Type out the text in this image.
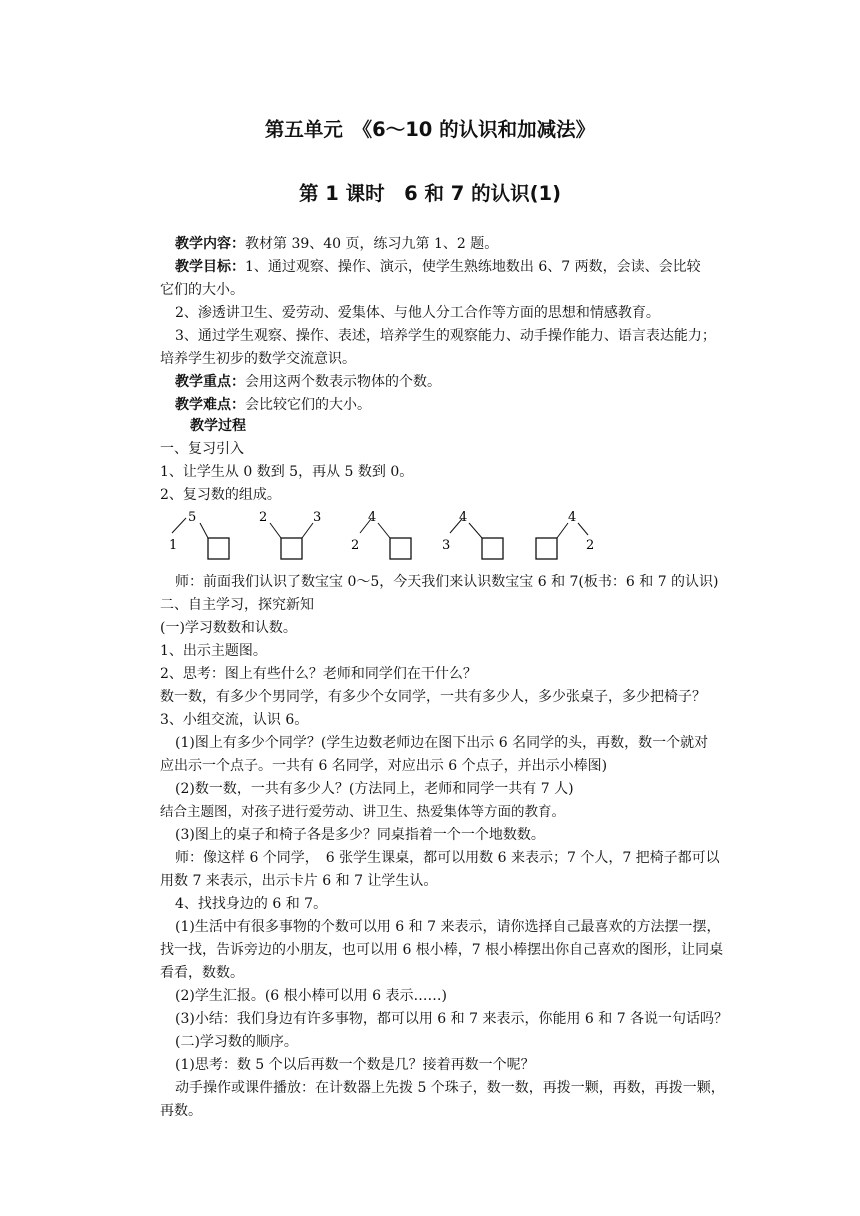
第五单元　《6～10 的认识和加减法》
第 1 课时　6 和 7 的认识(1)
教学内容：教材第 39、40 页，练习九第 1、2 题。
教学目标：1、通过观察、操作、演示，使学生熟练地数出 6、7 两数，会读、会比较
它们的大小。
2、渗透讲卫生、爱劳动、爱集体、与他人分工合作等方面的思想和情感教育。
3、通过学生观察、操作、表述，培养学生的观察能力、动手操作能力、语言表达能力；
培养学生初步的数学交流意识。
教学重点：会用这两个数表示物体的个数。
教学难点：会比较它们的大小。
教学过程
一、复习引入
1、让学生从 0 数到 5，再从 5 数到 0。
2、复习数的组成。
5
1
2	3	4
2
4
3
4
2
师：前面我们认识了数宝宝 0～5，今天我们来认识数宝宝 6 和 7(板书：6 和 7 的认识)
二、自主学习，探究新知
(一)学习数数和认数。
1、出示主题图。
2、思考：图上有些什么？老师和同学们在干什么？
数一数，有多少个男同学，有多少个女同学，一共有多少人，多少张桌子，多少把椅子？
3、小组交流，认识 6。
(1)图上有多少个同学？(学生边数老师边在图下出示 6 名同学的头，再数，数一个就对
应出示一个点子。一共有 6 名同学，对应出示 6 个点子，并出示小棒图)
(2)数一数，一共有多少人？(方法同上，老师和同学一共有 7 人)
结合主题图，对孩子进行爱劳动、讲卫生、热爱集体等方面的教育。
(3)图上的桌子和椅子各是多少？同桌指着一个一个地数数。
师：像这样 6 个同学，　6 张学生课桌，都可以用数 6 来表示；7 个人，7 把椅子都可以
用数 7 来表示，出示卡片 6 和 7 让学生认。
4、找找身边的 6 和 7。
(1)生活中有很多事物的个数可以用 6 和 7 来表示，请你选择自己最喜欢的方法摆一摆，
找一找，告诉旁边的小朋友，也可以用 6 根小棒，7 根小棒摆出你自己喜欢的图形，让同桌
看看，数数。
(2)学生汇报。(6 根小棒可以用 6 表示……)
(3)小结：我们身边有许多事物，都可以用 6 和 7 来表示，你能用 6 和 7 各说一句话吗？
(二)学习数的顺序。
(1)思考：数 5 个以后再数一个数是几？接着再数一个呢？
动手操作或课件播放：在计数器上先拨 5 个珠子，数一数，再拨一颗，再数，再拨一颗，
再数。
